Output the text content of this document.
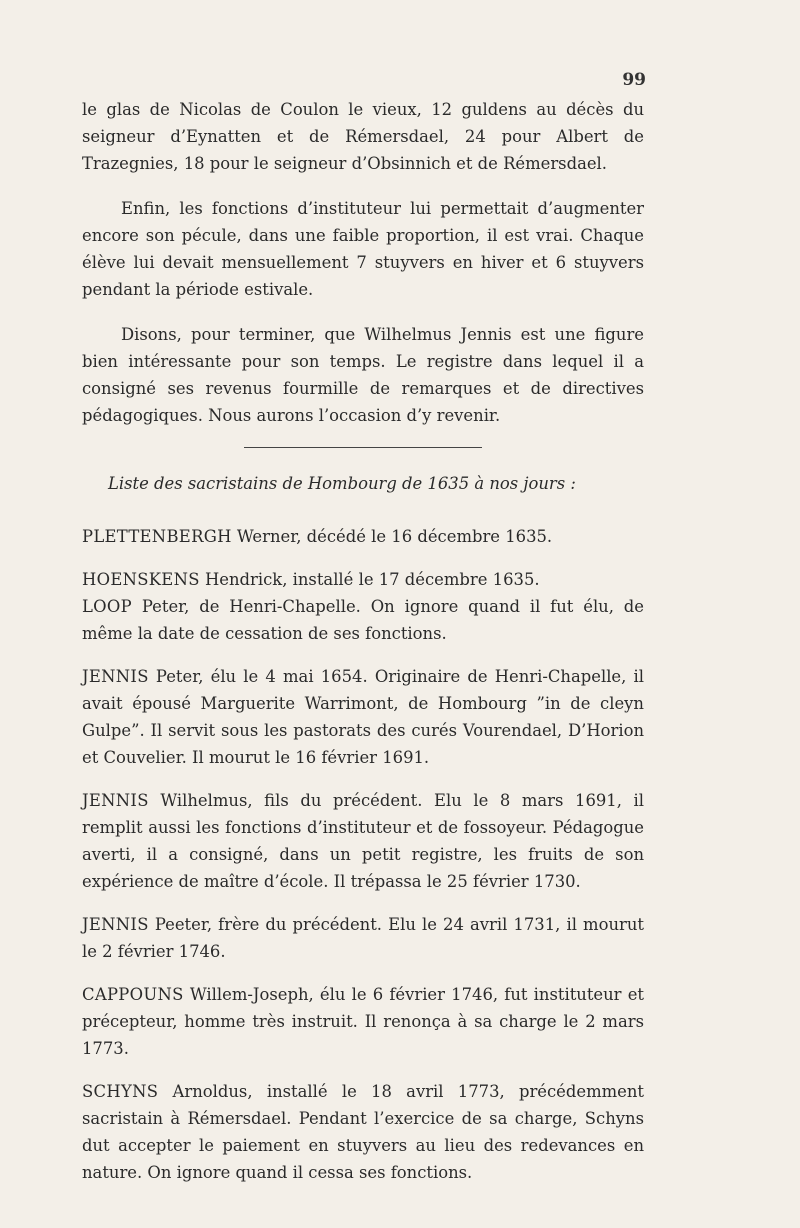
99

le glas de Nicolas de Coulon le vieux, 12 guldens au décès du seigneur d’Eynatten et de Rémersdael, 24 pour Albert de Trazegnies, 18 pour le seigneur d’Obsinnich et de Rémersdael.

Enfin, les fonctions d’instituteur lui permettait d’augmenter encore son pécule, dans une faible proportion, il est vrai. Chaque élève lui devait mensuellement 7 stuyvers en hiver et 6 stuyvers pendant la période estivale.

Disons, pour terminer, que Wilhelmus Jennis est une figure bien intéressante pour son temps. Le registre dans lequel il a consigné ses revenus fourmille de remarques et de directives pédagogiques. Nous aurons l’occasion d’y revenir.

Liste des sacristains de Hombourg de 1635 à nos jours :

PLETTENBERGH Werner, décédé le 16 décembre 1635.

HOENSKENS Hendrick, installé le 17 décembre 1635.

LOOP Peter, de Henri-Chapelle. On ignore quand il fut élu, de même la date de cessation de ses fonctions.

JENNIS Peter, élu le 4 mai 1654. Originaire de Henri-Chapelle, il avait épousé Marguerite Warrimont, de Hombourg ”in de cleyn Gulpe”. Il servit sous les pastorats des curés Vourendael, D’Horion et Couvelier. Il mourut le 16 février 1691.

JENNIS Wilhelmus, fils du précédent. Elu le 8 mars 1691, il remplit aussi les fonctions d’instituteur et de fossoyeur. Pédagogue averti, il a consigné, dans un petit registre, les fruits de son expérience de maître d’école. Il trépassa le 25 février 1730.

JENNIS Peeter, frère du précédent. Elu le 24 avril 1731, il mourut le 2 février 1746.

CAPPOUNS Willem-Joseph, élu le 6 février 1746, fut instituteur et précepteur, homme très instruit. Il renonça à sa charge le 2 mars 1773.

SCHYNS Arnoldus, installé le 18 avril 1773, précédemment sacristain à Rémersdael. Pendant l’exercice de sa charge, Schyns dut accepter le paiement en stuyvers au lieu des redevances en nature. On ignore quand il cessa ses fonctions.
